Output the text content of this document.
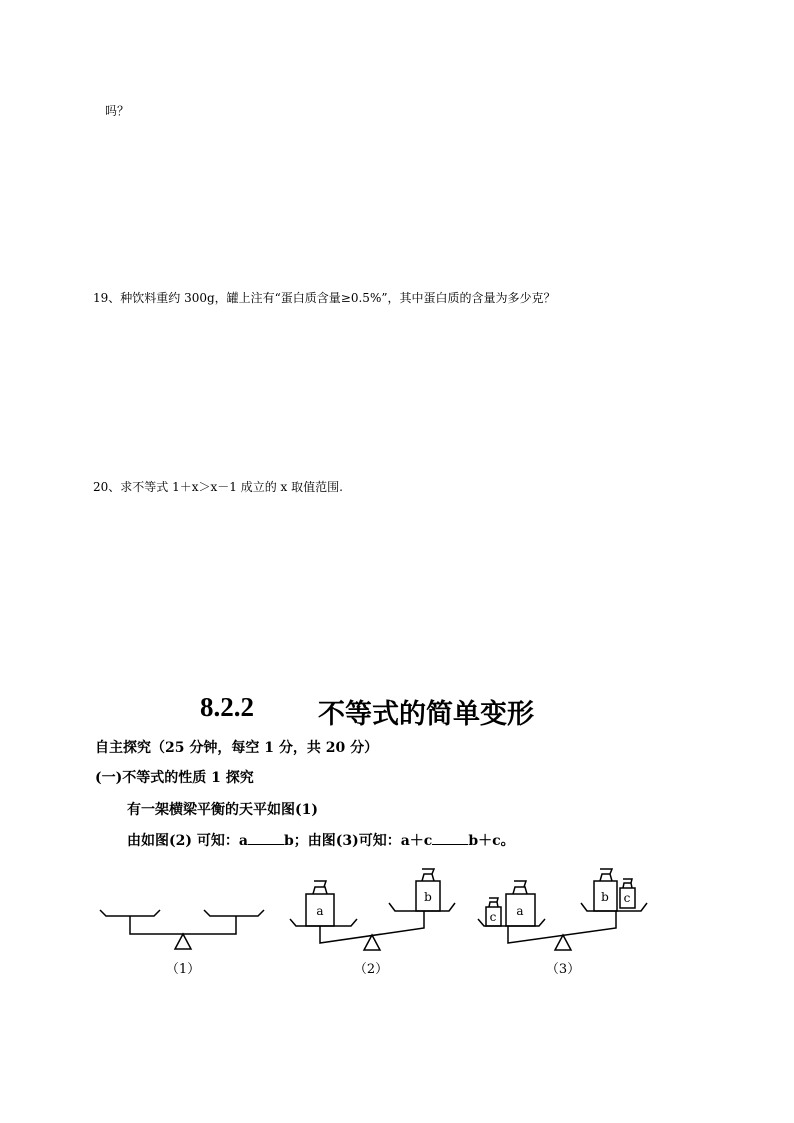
吗？
19、种饮料重约 300g，罐上注有“蛋白质含量≥0.5%”，其中蛋白质的含量为多少克？
20、求不等式 1＋x＞x－1 成立的 x 取值范围.
8.2.2 不等式的简单变形
自主探究（25 分钟，每空 1 分，共 20 分）
(一)不等式的性质 1 探究
有一架横梁平衡的天平如图(1)
由如图(2) 可知：a	b；由图(3)可知：a＋c	b＋c。
a
b
a
c
b c
（1）	（2）	（3）
